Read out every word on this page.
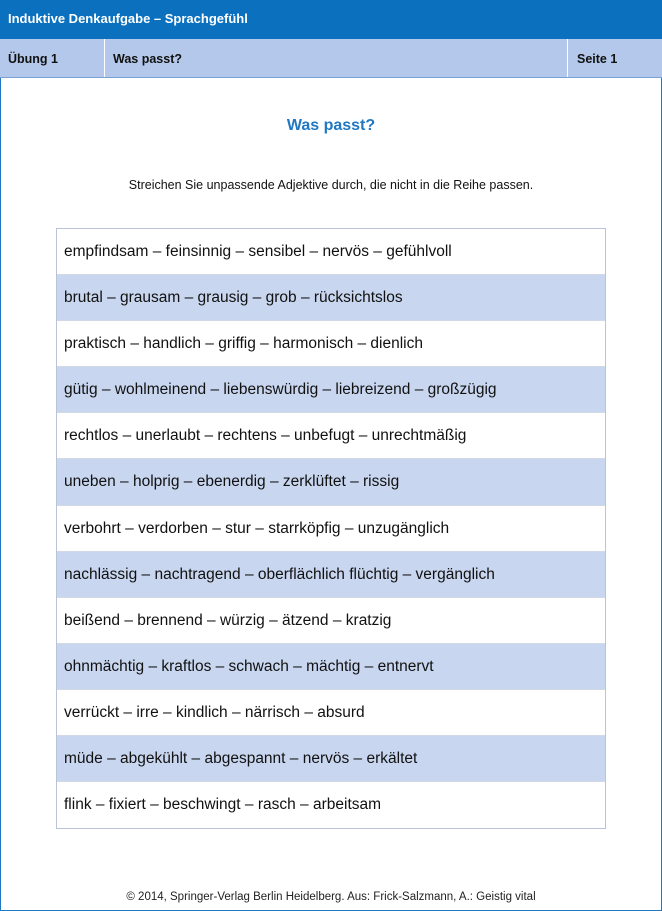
Induktive Denkaufgabe – Sprachgefühl
Übung 1	Was passt?	Seite 1
Was passt?
Streichen Sie unpassende Adjektive durch, die nicht in die Reihe passen.
empfindsam – feinsinnig – sensibel – nervös – gefühlvoll
brutal – grausam – grausig – grob – rücksichtslos
praktisch – handlich – griffig – harmonisch – dienlich
gütig – wohlmeinend – liebenswürdig – liebreizend – großzügig
rechtlos – unerlaubt – rechtens – unbefugt – unrechtmäßig
uneben – holprig – ebenerdig – zerklüftet – rissig
verbohrt – verdorben – stur – starrköpfig – unzugänglich
nachlässig – nachtragend – oberflächlich flüchtig – vergänglich
beißend – brennend – würzig – ätzend – kratzig
ohnmächtig – kraftlos – schwach – mächtig – entnervt
verrückt – irre – kindlich – närrisch – absurd
müde – abgekühlt – abgespannt – nervös – erkältet
flink – fixiert – beschwingt – rasch – arbeitsam
© 2014, Springer-Verlag Berlin Heidelberg. Aus: Frick-Salzmann, A.: Geistig vital
